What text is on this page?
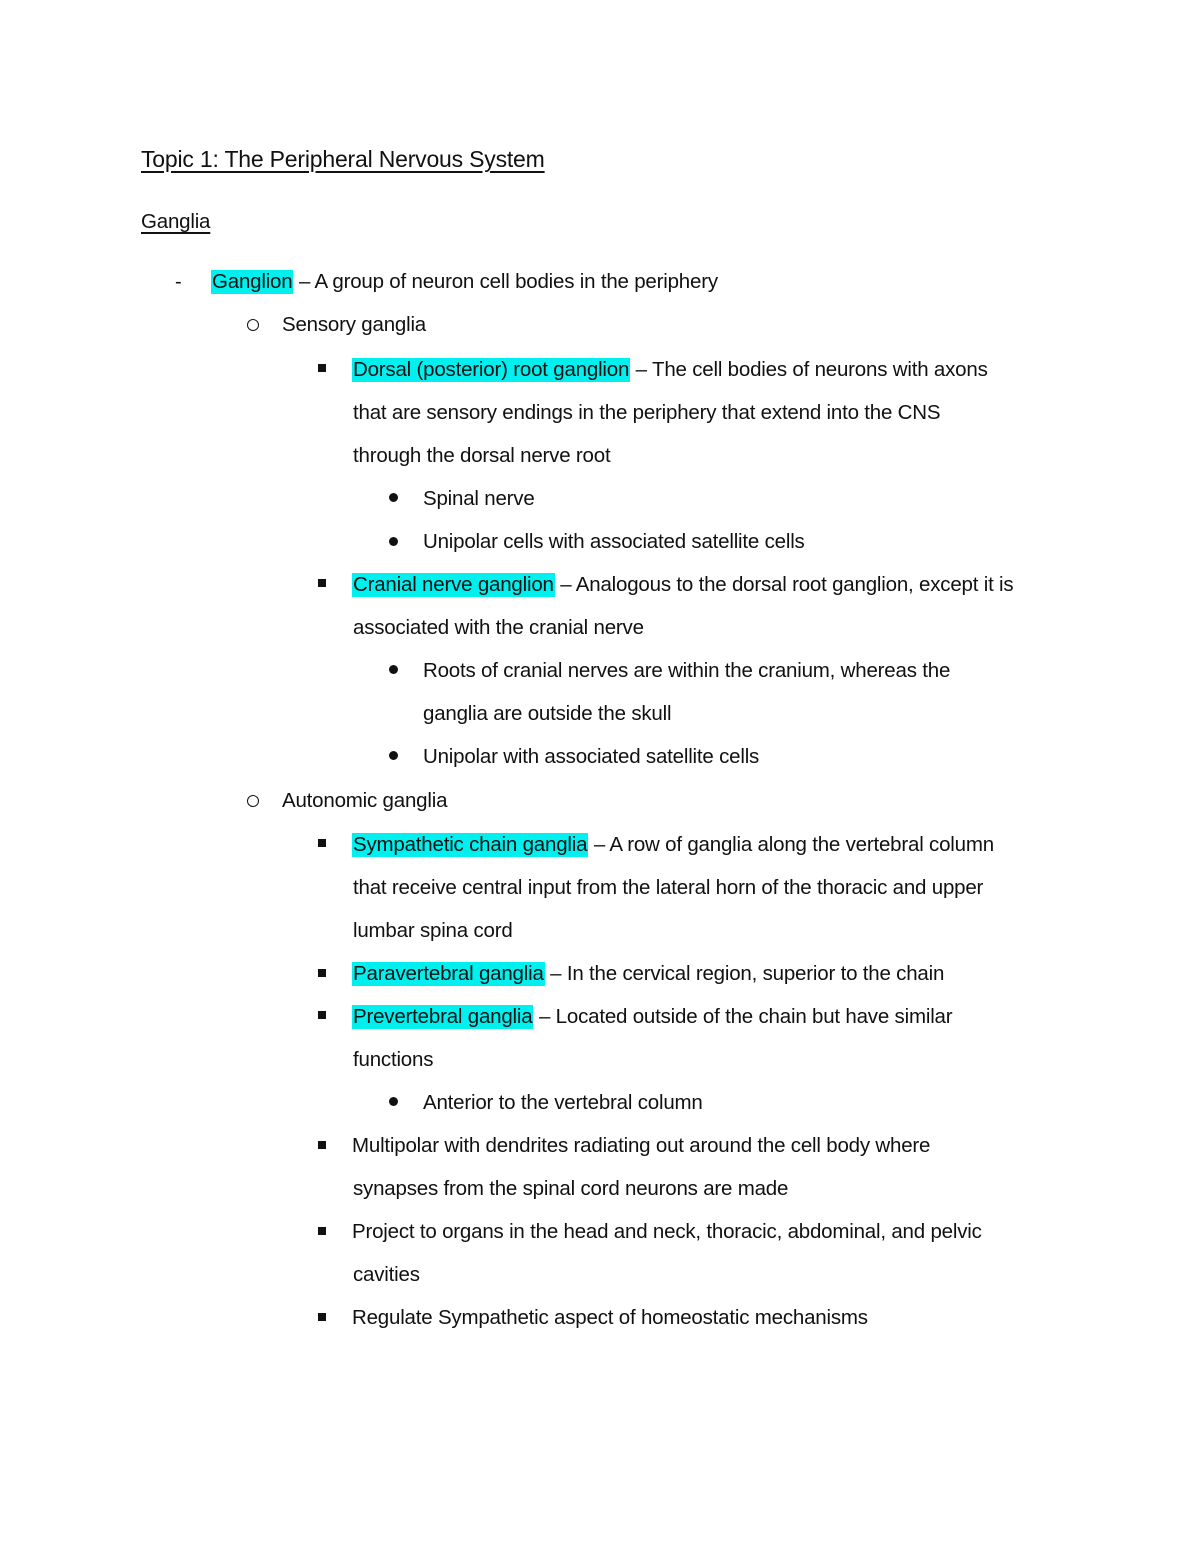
Topic 1: The Peripheral Nervous System
Ganglia
- Ganglion – A group of neuron cell bodies in the periphery
Sensory ganglia
Dorsal (posterior) root ganglion – The cell bodies of neurons with axons
that are sensory endings in the periphery that extend into the CNS
through the dorsal nerve root
Spinal nerve
Unipolar cells with associated satellite cells
Cranial nerve ganglion – Analogous to the dorsal root ganglion, except it is
associated with the cranial nerve
Roots of cranial nerves are within the cranium, whereas the
ganglia are outside the skull
Unipolar with associated satellite cells
Autonomic ganglia
Sympathetic chain ganglia – A row of ganglia along the vertebral column
that receive central input from the lateral horn of the thoracic and upper
lumbar spina cord
Paravertebral ganglia – In the cervical region, superior to the chain
Prevertebral ganglia – Located outside of the chain but have similar
functions
Anterior to the vertebral column
Multipolar with dendrites radiating out around the cell body where
synapses from the spinal cord neurons are made
Project to organs in the head and neck, thoracic, abdominal, and pelvic
cavities
Regulate Sympathetic aspect of homeostatic mechanisms
